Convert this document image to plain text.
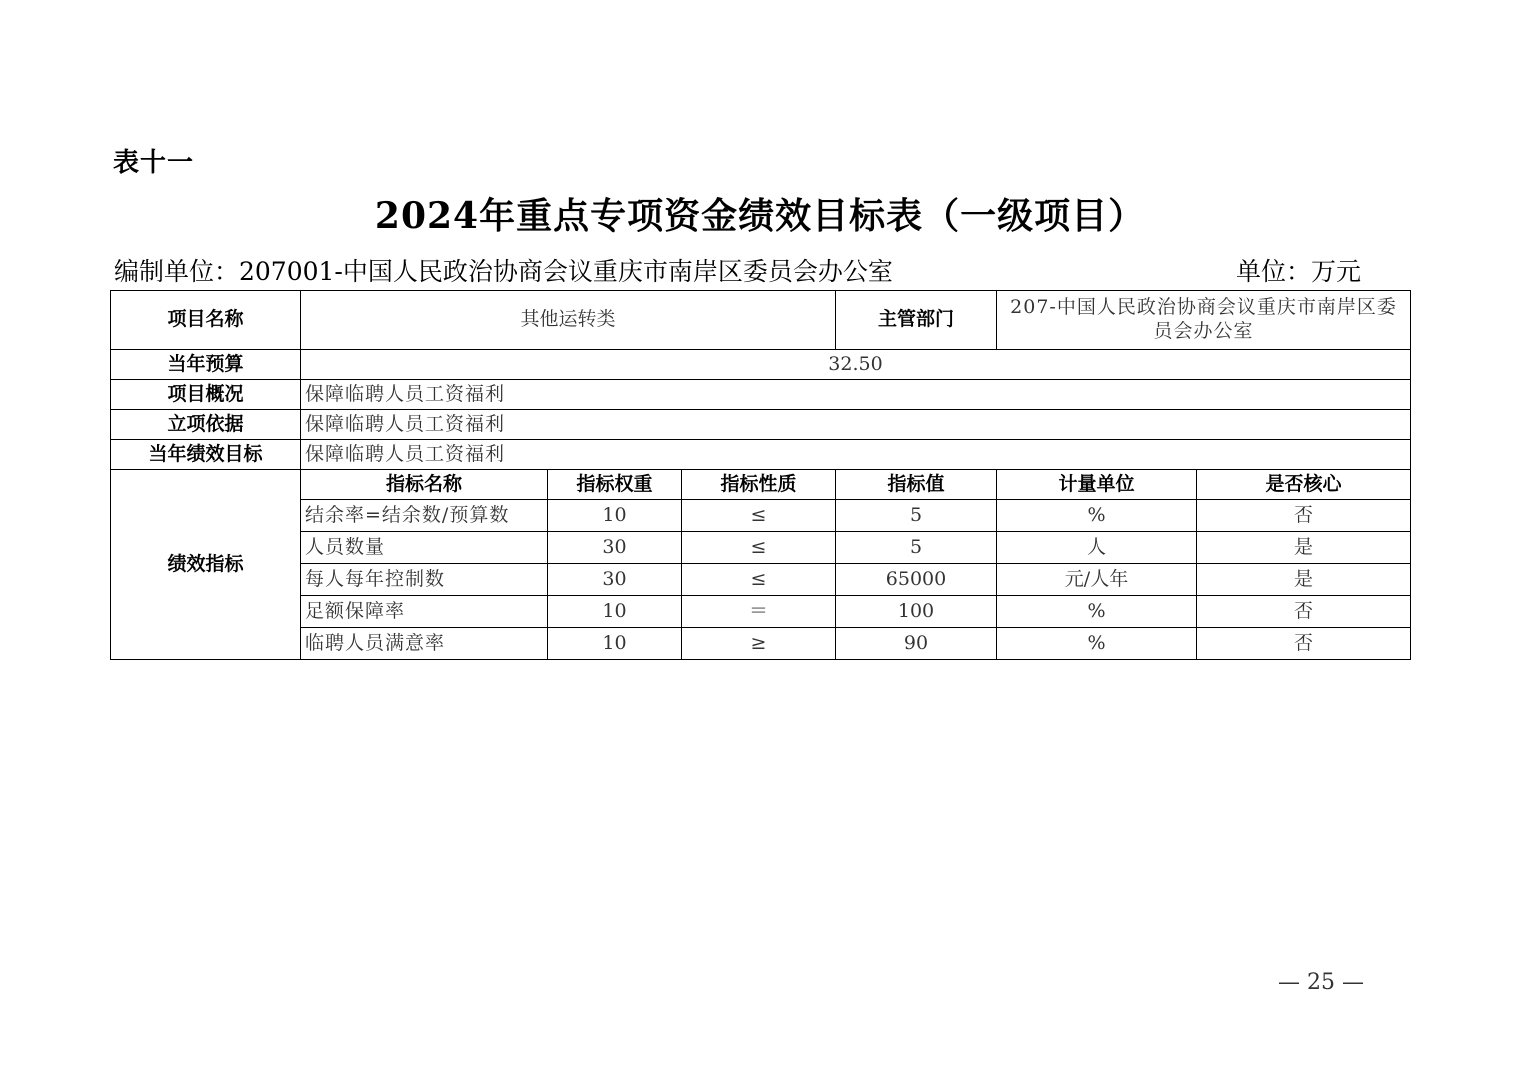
表十一
2024年重点专项资金绩效目标表（一级项目）
编制单位：207001-中国人民政治协商会议重庆市南岸区委员会办公室	单位：万元
项目名称	其他运转类			主管部门	207-中国人民政治协商会议重庆市南岸区委员会办公室	
当年预算	32.50					
项目概况	保障临聘人员工资福利					
立项依据	保障临聘人员工资福利					
当年绩效目标	保障临聘人员工资福利					
绩效指标	指标名称	指标权重	指标性质	指标值	计量单位	是否核心
	结余率=结余数/预算数	10	≤	5	%	否
	人员数量	30	≤	5	人	是
	每人每年控制数	30	≤	65000	元/人年	是
	足额保障率	10	＝	100	%	否
	临聘人员满意率	10	≥	90	%	否
— 25 —
